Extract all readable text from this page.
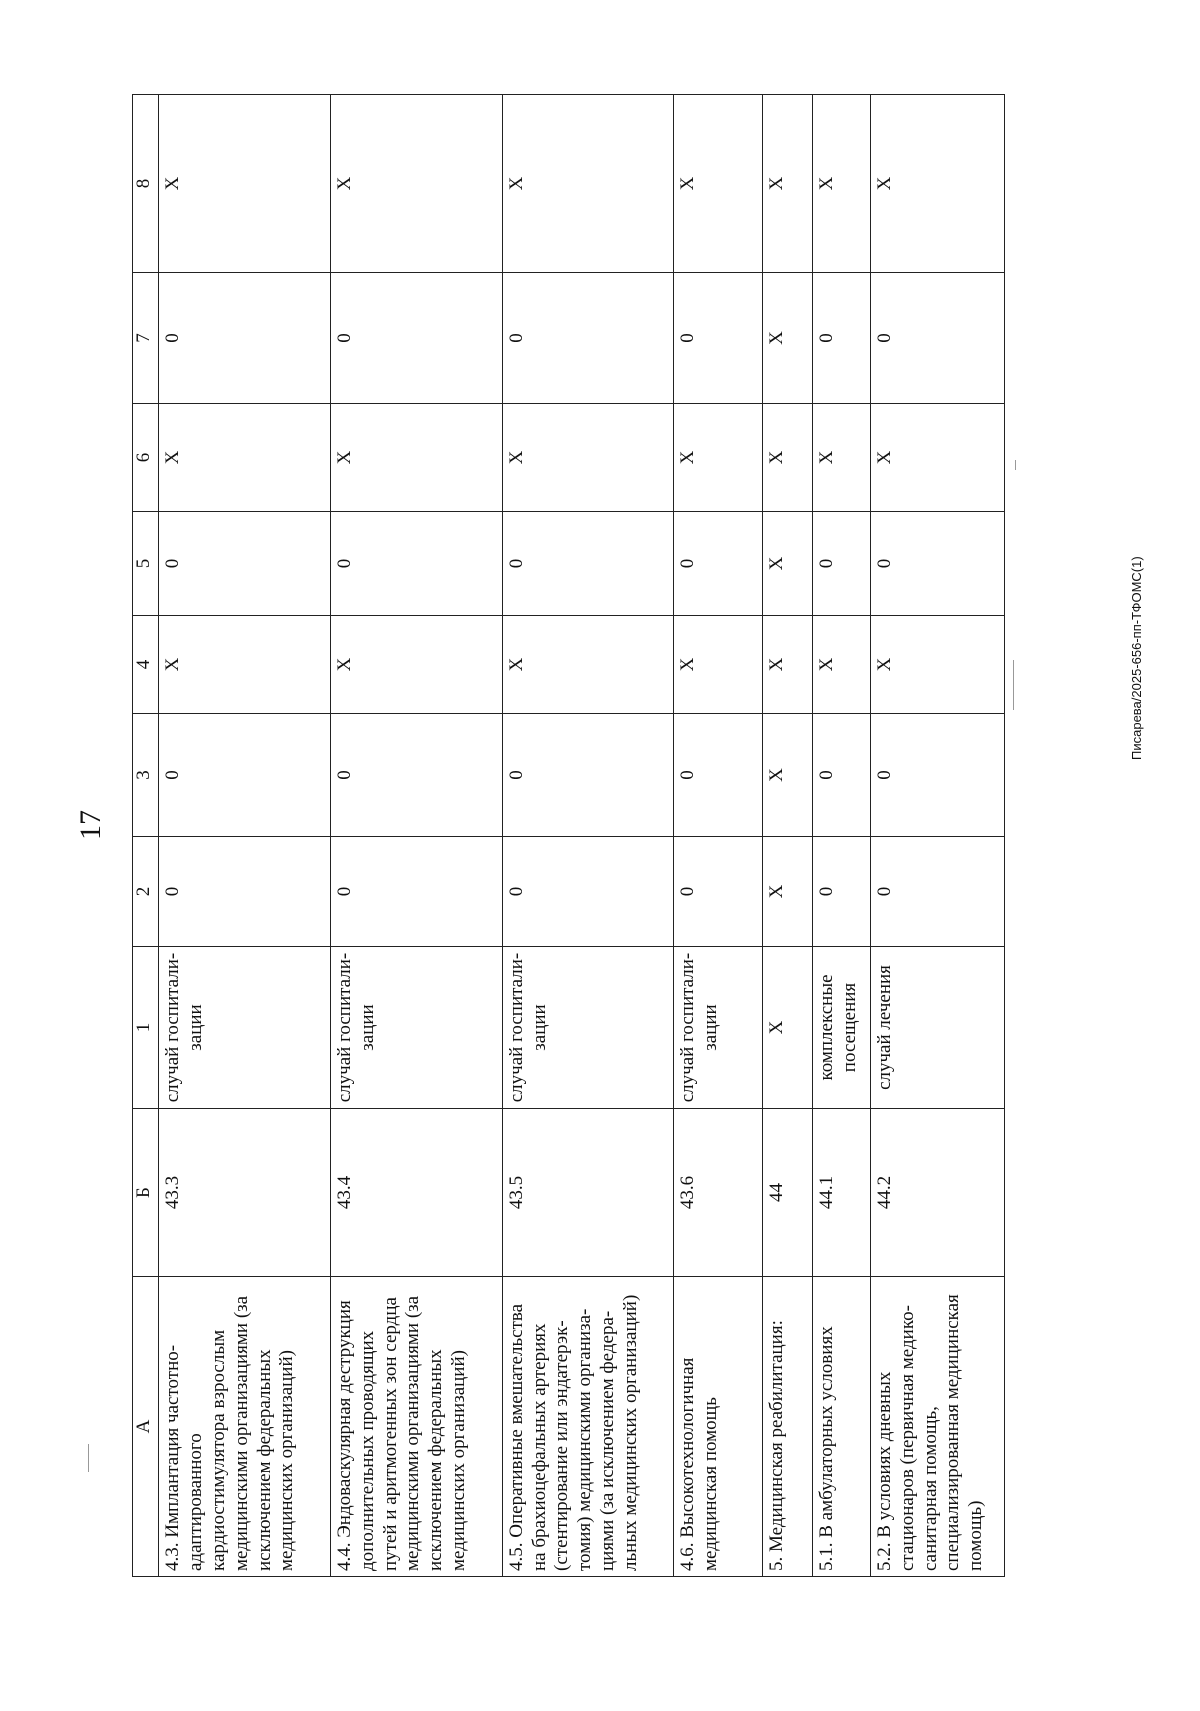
17
Писарева/2025-656-пп-ТФОМС(1)
А	Б	1	2	3	4	5	6	7	8
4.3. Имплантация частотно-адаптированного кардиостимулятора взрослым медицинскими организациями (за исключением федеральных медицинских организаций)	43.3	случай госпитали-зации	0	0	X	0	X	0	X
4.4. Эндоваскулярная деструкция дополнительных проводящих путей и аритмогенных зон сердца медицинскими организациями (за исключением федеральных медицинских организаций)	43.4	случай госпитали-зации	0	0	X	0	X	0	X
4.5. Оперативные вмешательства на брахиоцефальных артериях (стентирование или эндатерэк-томия) медицинскими организа-циями (за исключением федера-льных медицинских организаций)	43.5	случай госпитали-зации	0	0	X	0	X	0	X
4.6. Высокотехнологичная медицинская помощь	43.6	случай госпитали-зации	0	0	X	0	X	0	X
5. Медицинская реабилитация:	44	X	X	X	X	X	X	X	X
5.1. В амбулаторных условиях	44.1	комплексные посещения	0	0	X	0	X	0	X
5.2. В условиях дневных стационаров (первичная медико-санитарная помощь, специализированная медицинская помощь)	44.2	случай лечения	0	0	X	0	X	0	X
